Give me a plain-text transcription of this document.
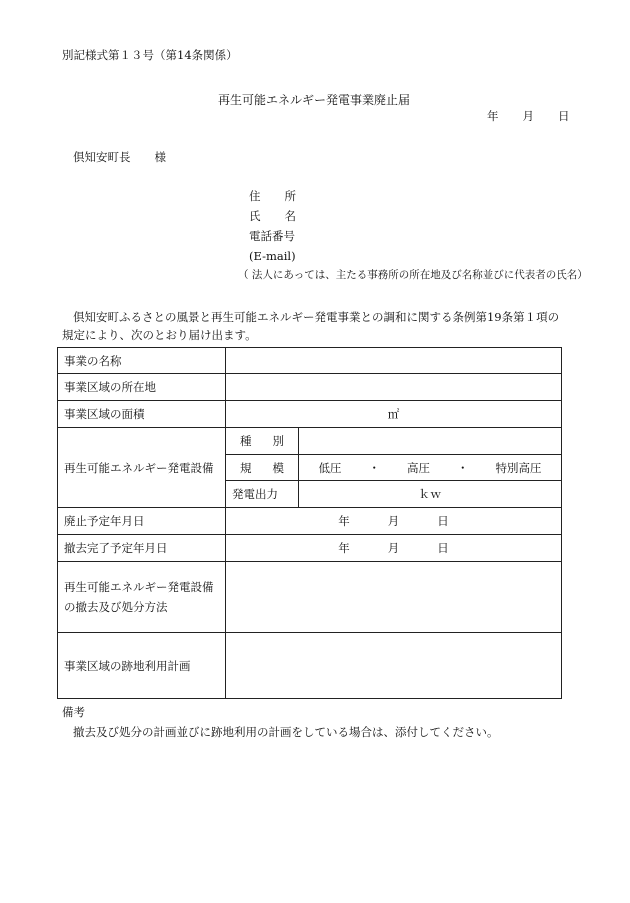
別記様式第１３号（第14条関係）
再生可能エネルギー発電事業廃止届
年 月 日
倶知安町長 様
住 所
氏 名
電話番号
(E-mail)
（ 法人にあっては、主たる事務所の所在地及び名称並びに代表者の氏名）
倶知安町ふるさとの風景と再生可能エネルギー発電事業との調和に関する条例第19条第１項の
規定により、次のとおり届け出ます。
事業の名称		
事業区域の所在地		
事業区域の面積	㎡	
再生可能エネルギー発電設備	種 別	

	規 模	低圧 ・ 高圧 ・ 特別高圧

	発電出力	ｋｗ
廃止予定年月日	年 月 日	
撤去完了予定年月日	年 月 日	

再生可能エネルギー発電設備
の撤去及び処分方法		

事業区域の跡地利用計画		
備考
撤去及び処分の計画並びに跡地利用の計画をしている場合は、添付してください。
